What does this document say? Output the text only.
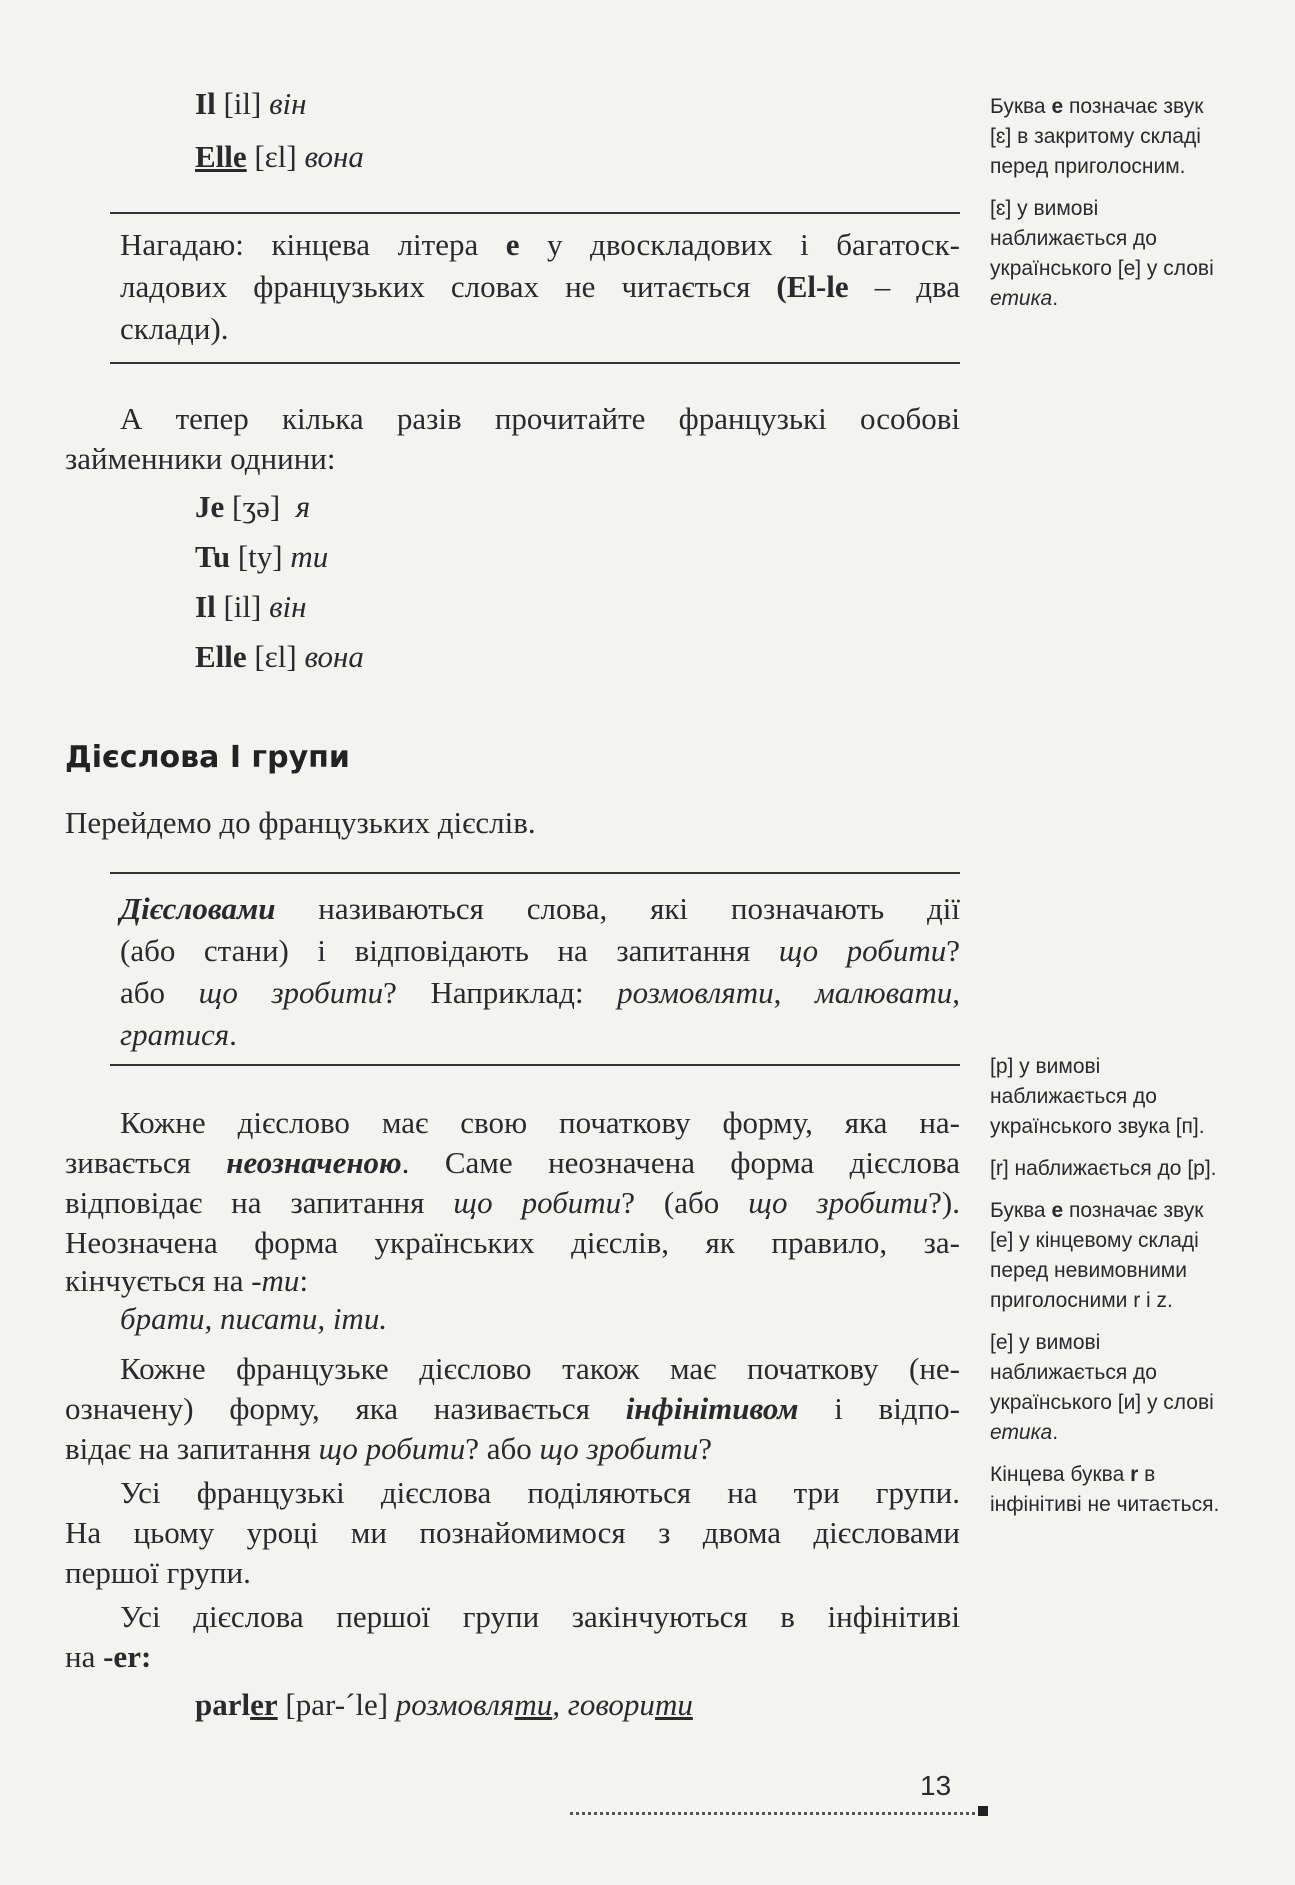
Il [il] він
Elle [ɛl] вона
Нагадаю: кінцева літера е у двоскладових і багатоск-
ладових французьких словах не читається (El-le – два
склади).
А тепер кілька разів прочитайте французькі особові
займенники однини:
Je [ʒə] я
Tu [ty] ти
Il [il] він
Elle [ɛl] вона
Дієслова І групи
Перейдемо до французьких дієслів.
Дієсловами називаються слова, які позначають дії
(або стани) і відповідають на запитання що робити?
або що зробити? Наприклад: розмовляти, малювати,
гратися.
Кожне дієслово має свою початкову форму, яка на-
зивається неозначеною. Саме неозначена форма дієслова
відповідає на запитання що робити? (або що зробити?).
Неозначена форма українських дієслів, як правило, за-
кінчується на -ти:
брати, писати, іти.
Кожне французьке дієслово також має початкову (не-
означену) форму, яка називається інфінітивом і відпо-
відає на запитання що робити? або що зробити?
Усі французькі дієслова поділяються на три групи.
На цьому уроці ми познайомимося з двома дієсловами
першої групи.
Усі дієслова першої групи закінчуються в інфінітиві
на -er:
parler [par-ˊle] розмовляти, говорити

Буква e позначає звук [ɛ] в закритому складі перед приголосним.

[ɛ] у вимові наближається до українського [е] у слові етика.

[p] у вимові наближається до українського звука [п].

[r] наближається до [р].

Буква e позначає звук [e] у кінцевому складі перед невимовними приголосними r і z.

[e] у вимові наближається до українського [и] у слові етика.

Кінцева буква r в інфінітиві не читається.

13
